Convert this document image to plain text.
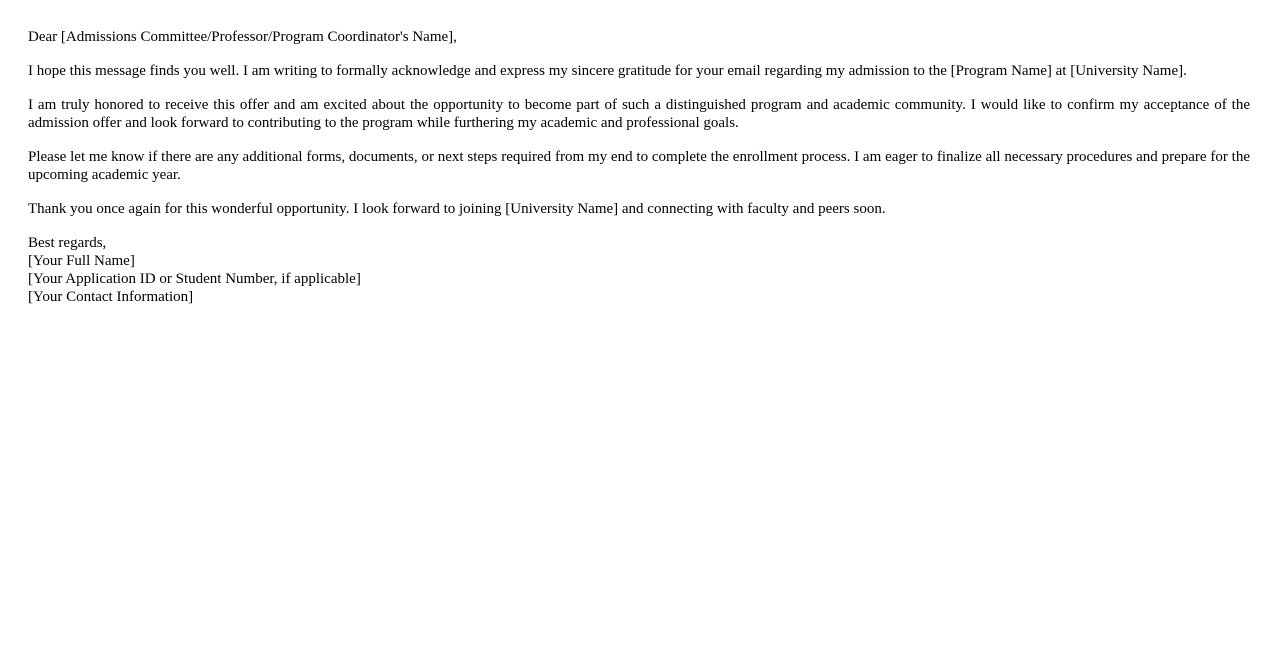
Dear [Admissions Committee/Professor/Program Coordinator's Name],

I hope this message finds you well. I am writing to formally acknowledge and express my sincere gratitude for your email regarding my admission to the [Program Name] at [University Name].

I am truly honored to receive this offer and am excited about the opportunity to become part of such a distinguished program and academic community. I would like to confirm my acceptance of the admission offer and look forward to contributing to the program while furthering my academic and professional goals.

Please let me know if there are any additional forms, documents, or next steps required from my end to complete the enrollment process. I am eager to finalize all necessary procedures and prepare for the upcoming academic year.

Thank you once again for this wonderful opportunity. I look forward to joining [University Name] and connecting with faculty and peers soon.

Best regards,
[Your Full Name]
[Your Application ID or Student Number, if applicable]
[Your Contact Information]
